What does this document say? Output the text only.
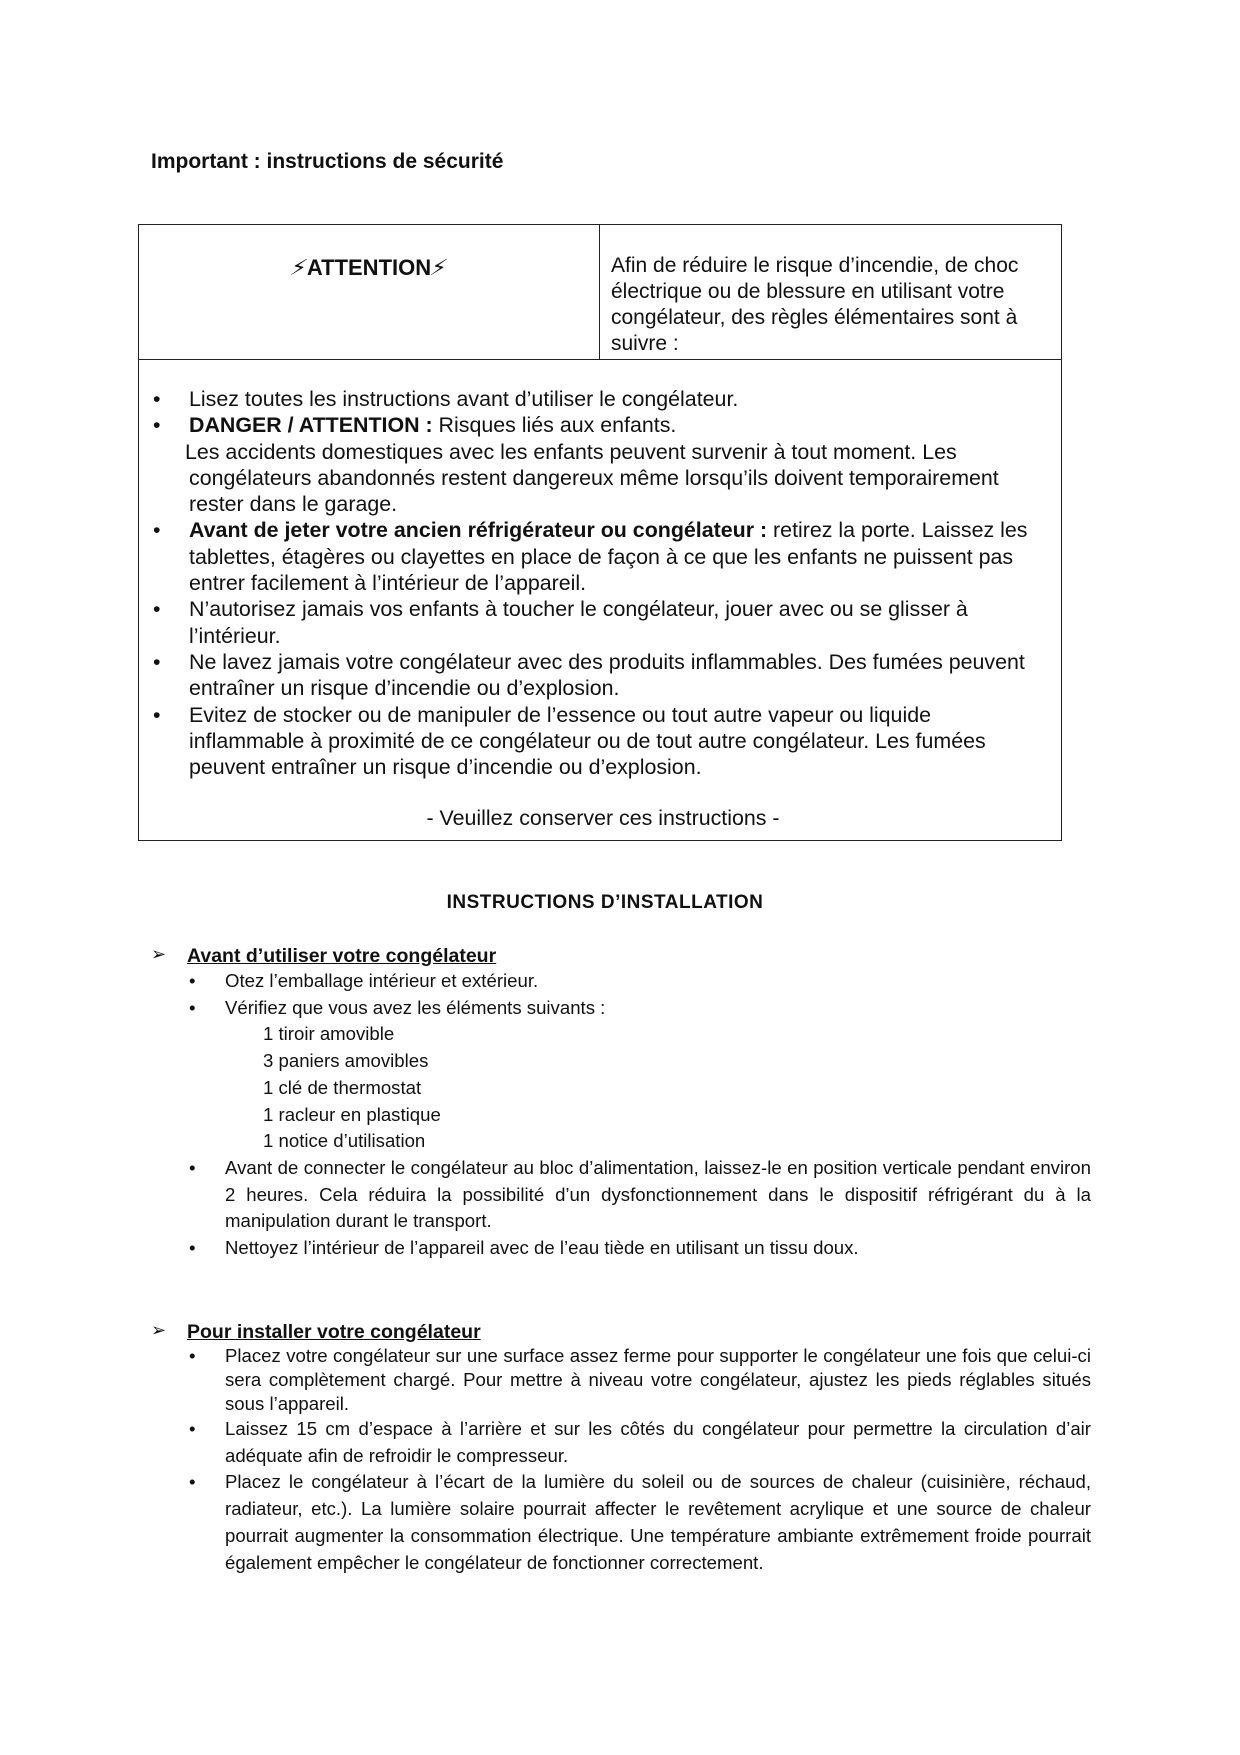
Important : instructions de sécurité
⚡ATTENTION⚡	Afin de réduire le risque d’incendie, de choc électrique ou de blessure en utilisant votre congélateur, des règles élémentaires sont à suivre :
• Lisez toutes les instructions avant d’utiliser le congélateur.
• DANGER / ATTENTION : Risques liés aux enfants.
Les accidents domestiques avec les enfants peuvent survenir à tout moment. Les
congélateurs abandonnés restent dangereux même lorsqu’ils doivent temporairement rester dans le garage.
• Avant de jeter votre ancien réfrigérateur ou congélateur : retirez la porte. Laissez les tablettes, étagères ou clayettes en place de façon à ce que les enfants ne puissent pas entrer facilement à l’intérieur de l’appareil.
• N’autorisez jamais vos enfants à toucher le congélateur, jouer avec ou se glisser à l’intérieur.
• Ne lavez jamais votre congélateur avec des produits inflammables. Des fumées peuvent entraîner un risque d’incendie ou d’explosion.
• Evitez de stocker ou de manipuler de l’essence ou tout autre vapeur ou liquide inflammable à proximité de ce congélateur ou de tout autre congélateur. Les fumées peuvent entraîner un risque d’incendie ou d’explosion.
- Veuillez conserver ces instructions -
INSTRUCTIONS D’INSTALLATION
➢ Avant d’utiliser votre congélateur
• Otez l’emballage intérieur et extérieur.
• Vérifiez que vous avez les éléments suivants :
1 tiroir amovible
3 paniers amovibles
1 clé de thermostat
1 racleur en plastique
1 notice d’utilisation
• Avant de connecter le congélateur au bloc d’alimentation, laissez-le en position verticale pendant environ 2 heures. Cela réduira la possibilité d’un dysfonctionnement dans le dispositif réfrigérant du à la manipulation durant le transport.
• Nettoyez l’intérieur de l’appareil avec de l’eau tiède en utilisant un tissu doux.
➢ Pour installer votre congélateur
• Placez votre congélateur sur une surface assez ferme pour supporter le congélateur une fois que celui-ci sera complètement chargé. Pour mettre à niveau votre congélateur, ajustez les pieds réglables situés sous l’appareil.
• Laissez 15 cm d’espace à l’arrière et sur les côtés du congélateur pour permettre la circulation d’air adéquate afin de refroidir le compresseur.
• Placez le congélateur à l’écart de la lumière du soleil ou de sources de chaleur (cuisinière, réchaud, radiateur, etc.). La lumière solaire pourrait affecter le revêtement acrylique et une source de chaleur pourrait augmenter la consommation électrique. Une température ambiante extrêmement froide pourrait également empêcher le congélateur de fonctionner correctement.
